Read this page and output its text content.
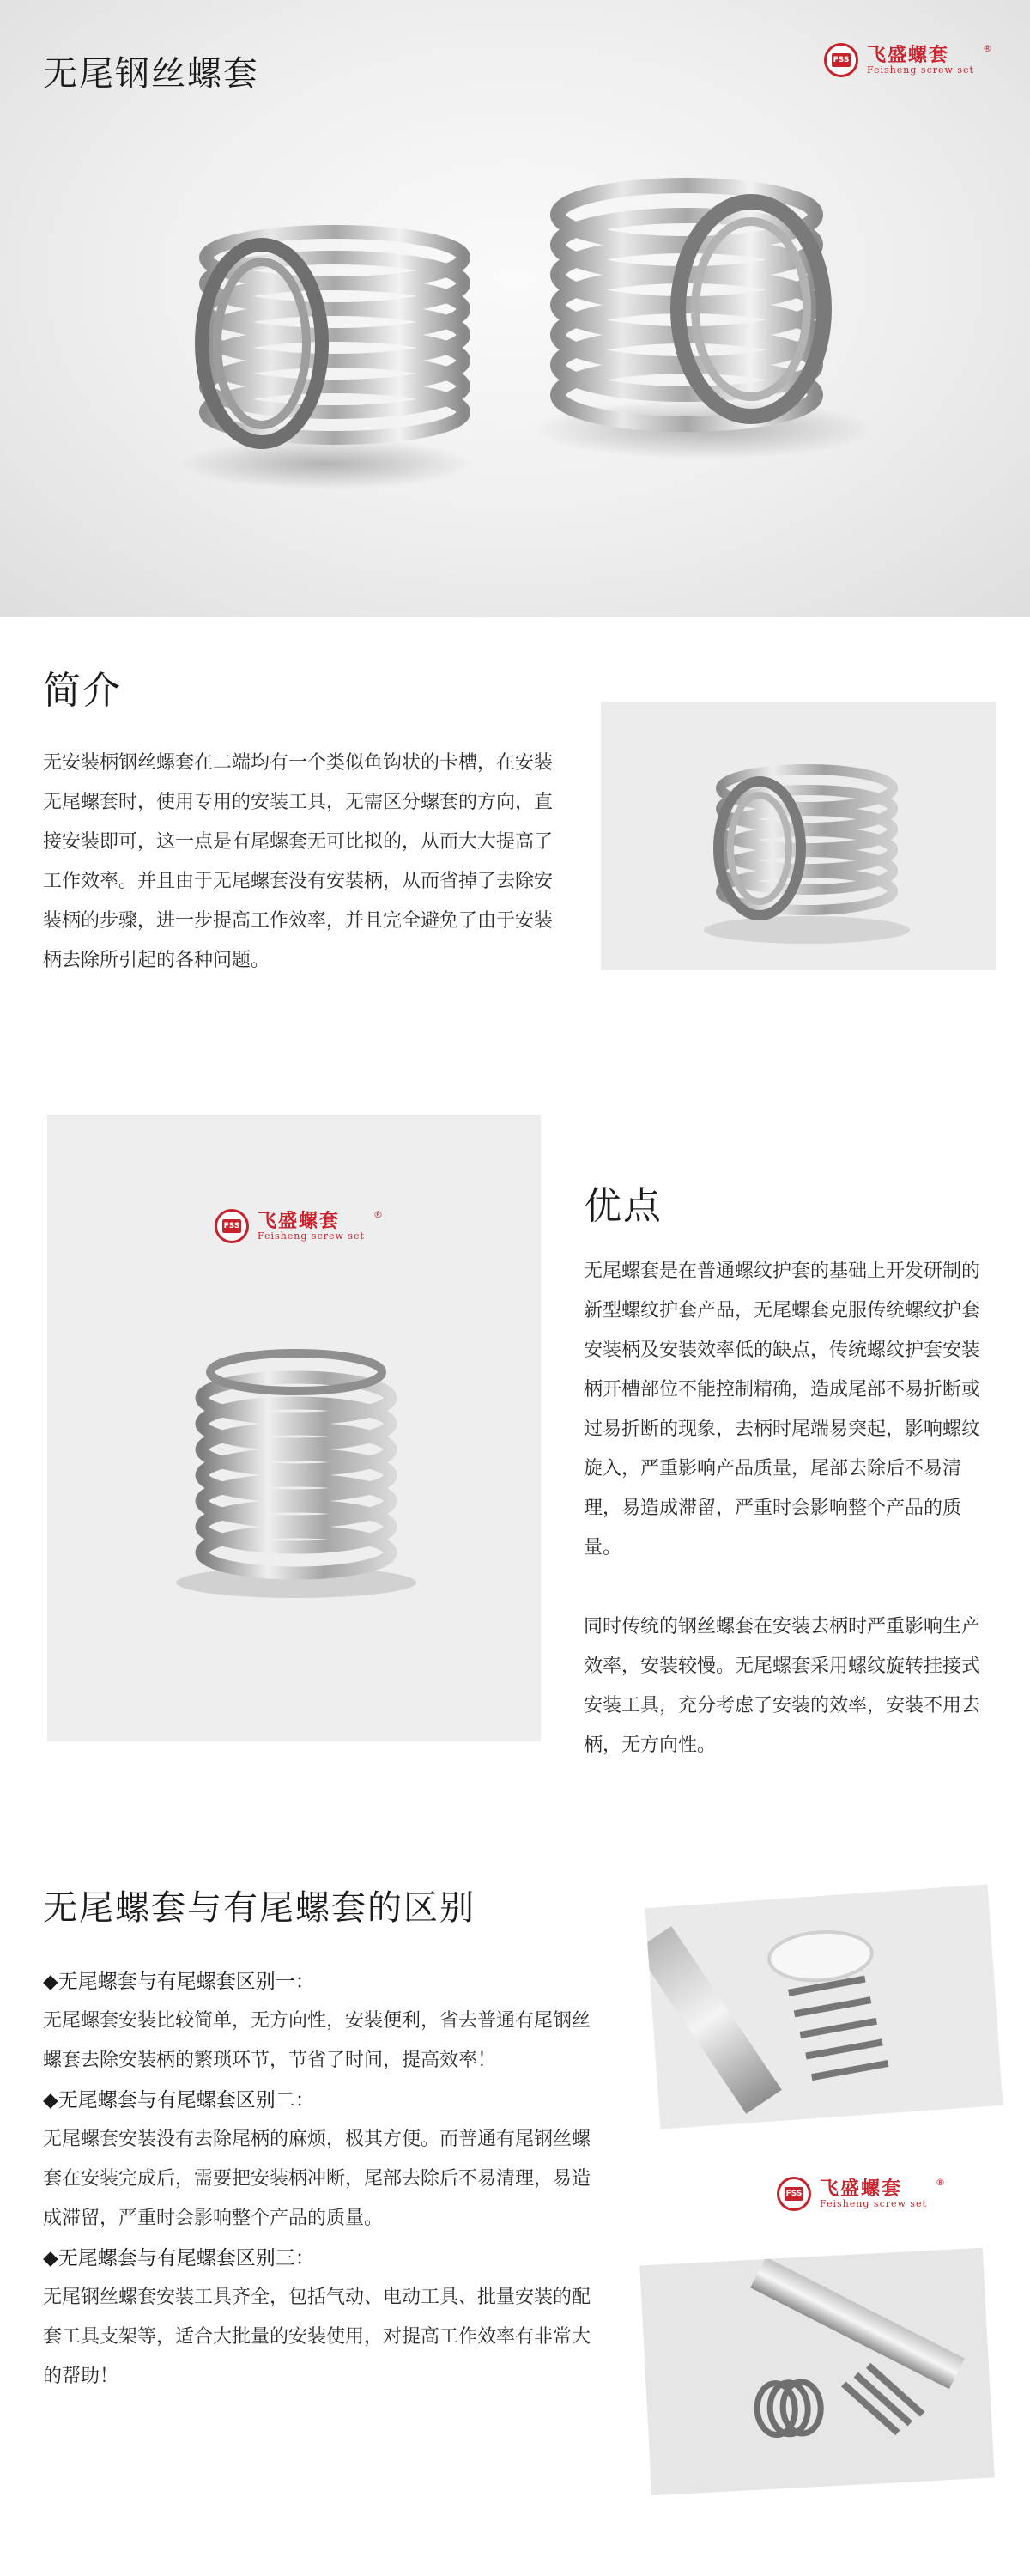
无尾钢丝螺套	FSS 飞盛螺套
Feisheng screw set
®
简介
无安装柄钢丝螺套在二端均有一个类似鱼钩状的卡槽，在安装无尾螺套时，使用专用的安装工具，无需区分螺套的方向，直接安装即可，这一点是有尾螺套无可比拟的，从而大大提高了工作效率。并且由于无尾螺套没有安装柄，从而省掉了去除安装柄的步骤，进一步提高工作效率，并且完全避免了由于安装柄去除所引起的各种问题。
FSS 飞盛螺套
Feisheng screw set
®	优点
无尾螺套是在普通螺纹护套的基础上开发研制的新型螺纹护套产品，无尾螺套克服传统螺纹护套安装柄及安装效率低的缺点，传统螺纹护套安装柄开槽部位不能控制精确，造成尾部不易折断或过易折断的现象，去柄时尾端易突起，影响螺纹旋入，严重影响产品质量，尾部去除后不易清理，易造成滞留，严重时会影响整个产品的质量。
同时传统的钢丝螺套在安装去柄时严重影响生产效率，安装较慢。无尾螺套采用螺纹旋转挂接式安装工具，充分考虑了安装的效率，安装不用去柄，无方向性。
无尾螺套与有尾螺套的区别
◆无尾螺套与有尾螺套区别一：
无尾螺套安装比较简单，无方向性，安装便利，省去普通有尾钢丝螺套去除安装柄的繁琐环节，节省了时间，提高效率！
◆无尾螺套与有尾螺套区别二：
无尾螺套安装没有去除尾柄的麻烦，极其方便。而普通有尾钢丝螺套在安装完成后，需要把安装柄冲断，尾部去除后不易清理，易造成滞留，严重时会影响整个产品的质量。
◆无尾螺套与有尾螺套区别三：
无尾钢丝螺套安装工具齐全，包括气动、电动工具、批量安装的配套工具支架等，适合大批量的安装使用，对提高工作效率有非常大的帮助！
FSS 飞盛螺套
Feisheng screw set
®
